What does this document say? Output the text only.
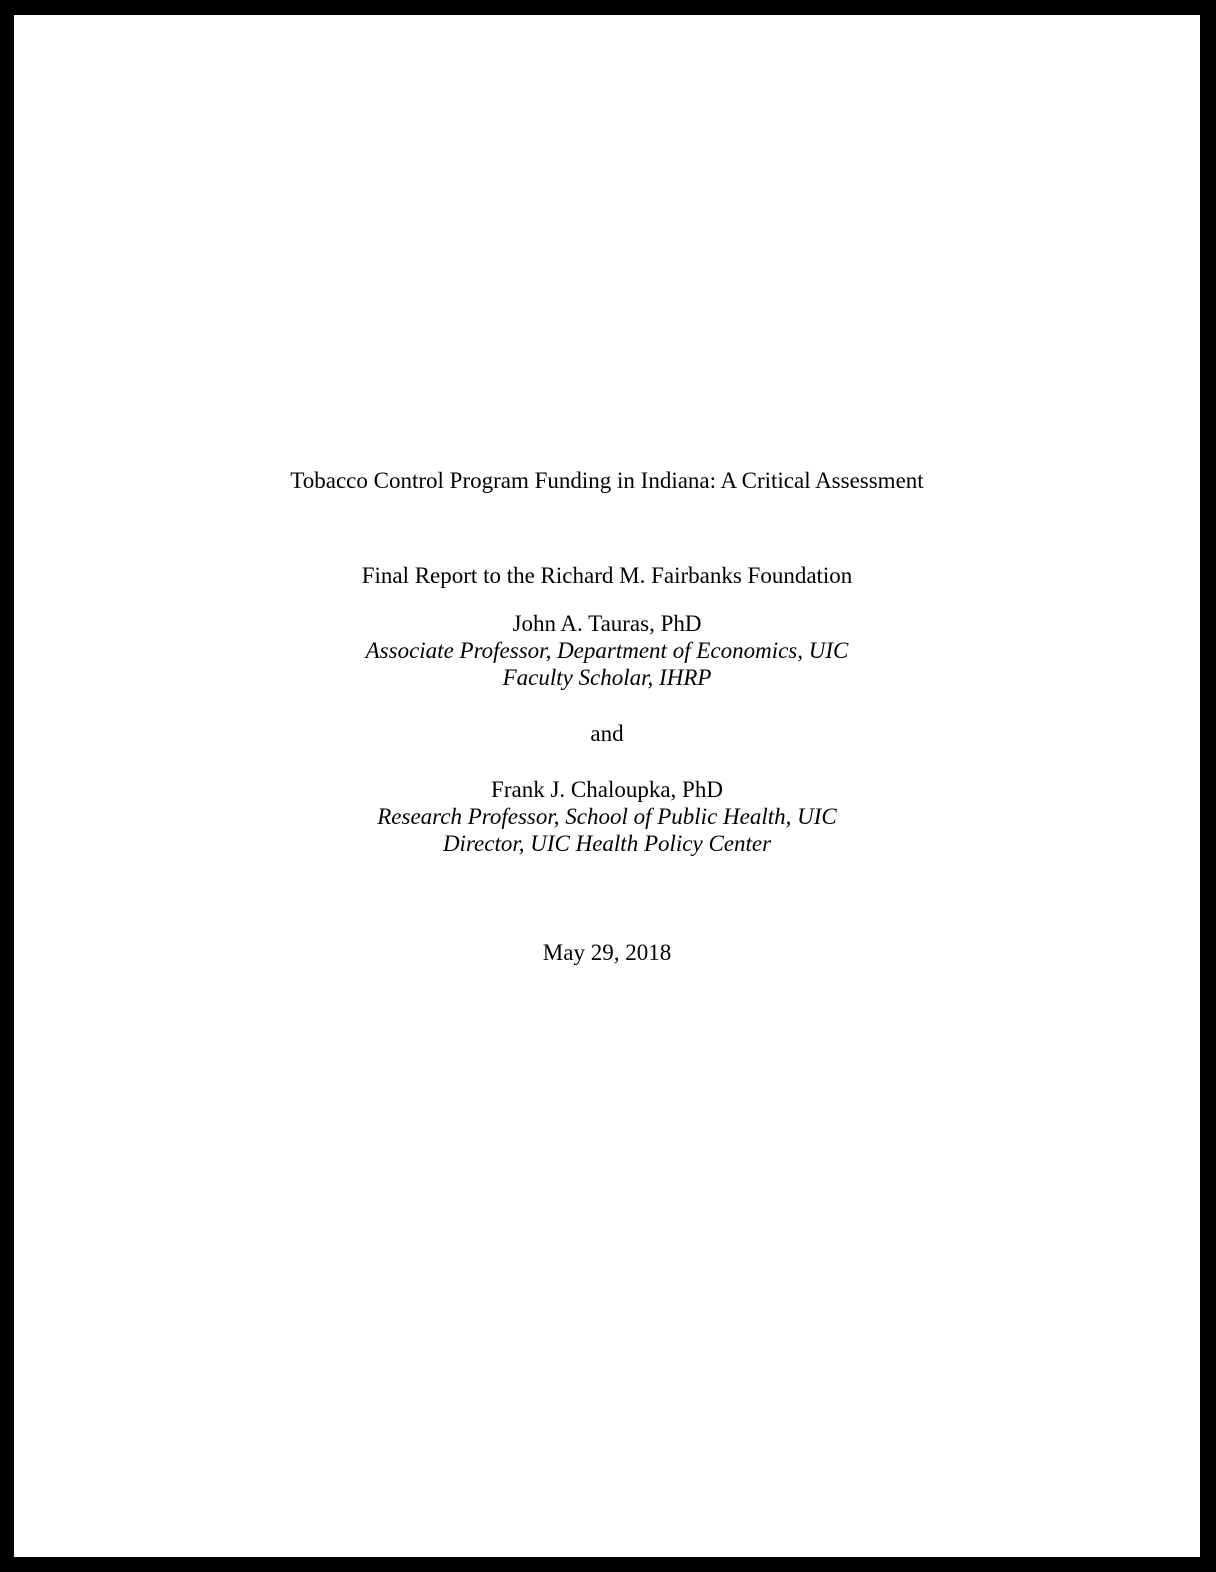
Tobacco Control Program Funding in Indiana: A Critical Assessment
Final Report to the Richard M. Fairbanks Foundation
John A. Tauras, PhD
Associate Professor, Department of Economics, UIC
Faculty Scholar, IHRP
and
Frank J. Chaloupka, PhD
Research Professor, School of Public Health, UIC
Director, UIC Health Policy Center
May 29, 2018
